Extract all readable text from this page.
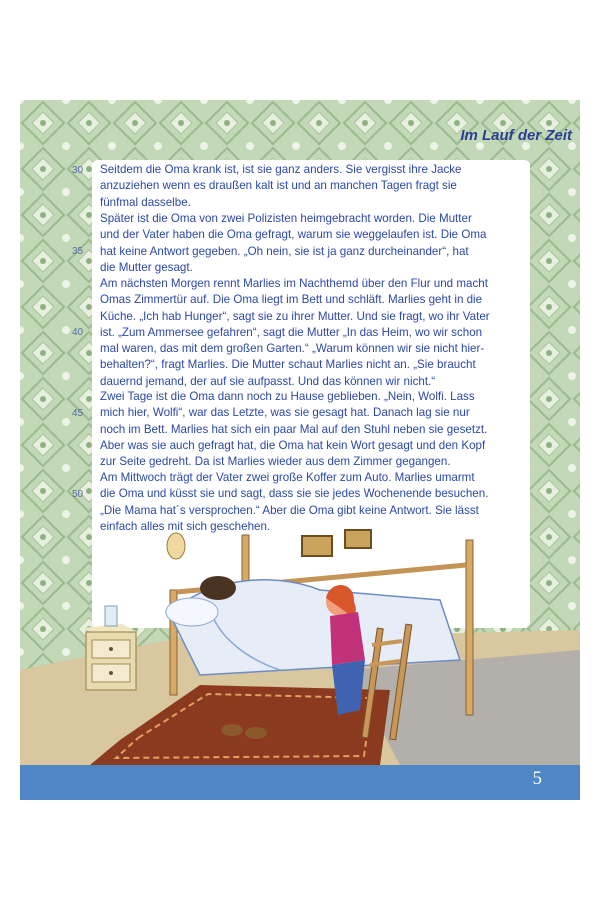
Im Lauf der Zeit
30
35
40
45
50

Seitdem die Oma krank ist, ist sie ganz anders. Sie vergisst ihre Jacke
anzuziehen wenn es draußen kalt ist und an manchen Tagen fragt sie
fünfmal dasselbe.

Später ist die Oma von zwei Polizisten heimgebracht worden. Die Mutter
und der Vater haben die Oma gefragt, warum sie weggelaufen ist. Die Oma
hat keine Antwort gegeben. „Oh nein, sie ist ja ganz durcheinander“, hat
die Mutter gesagt.

Am nächsten Morgen rennt Marlies im Nachthemd über den Flur und macht
Omas Zimmertür auf. Die Oma liegt im Bett und schläft. Marlies geht in die
Küche. „Ich hab Hunger“, sagt sie zu ihrer Mutter. Und sie fragt, wo ihr Vater
ist. „Zum Ammersee gefahren“, sagt die Mutter „In das Heim, wo wir schon
mal waren, das mit dem großen Garten.“ „Warum können wir sie nicht hier-
behalten?“, fragt Marlies. Die Mutter schaut Marlies nicht an. „Sie braucht
dauernd jemand, der auf sie aufpasst. Und das können wir nicht.“

Zwei Tage ist die Oma dann noch zu Hause geblieben. „Nein, Wolfi. Lass
mich hier, Wolfi“, war das Letzte, was sie gesagt hat. Danach lag sie nur
noch im Bett. Marlies hat sich ein paar Mal auf den Stuhl neben sie gesetzt.
Aber was sie auch gefragt hat, die Oma hat kein Wort gesagt und den Kopf
zur Seite gedreht. Da ist Marlies wieder aus dem Zimmer gegangen.

Am Mittwoch trägt der Vater zwei große Koffer zum Auto. Marlies umarmt
die Oma und küsst sie und sagt, dass sie sie jedes Wochenende besuchen.
„Die Mama hat´s versprochen.“ Aber die Oma gibt keine Antwort. Sie lässt
einfach alles mit sich geschehen.

5
